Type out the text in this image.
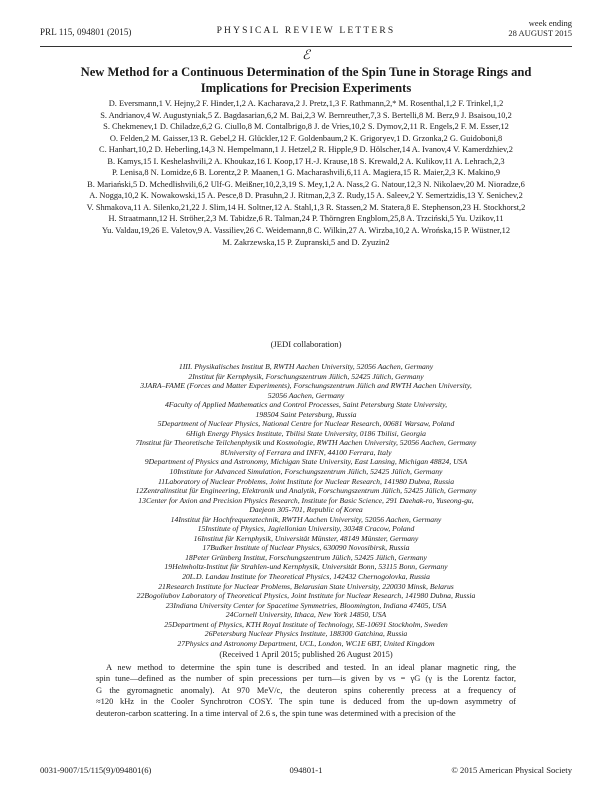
PRL 115, 094801 (2015)	PHYSICAL REVIEW LETTERS
week ending
28 AUGUST 2015
ℰ
New Method for a Continuous Determination of the Spin Tune in Storage Rings and
Implications for Precision Experiments
D. Eversmann,1 V. Hejny,2 F. Hinder,1,2 A. Kacharava,2 J. Pretz,1,3 F. Rathmann,2,* M. Rosenthal,1,2 F. Trinkel,1,2
S. Andrianov,4 W. Augustyniak,5 Z. Bagdasarian,6,2 M. Bai,2,3 W. Bernreuther,7,3 S. Bertelli,8 M. Berz,9 J. Bsaisou,10,2
S. Chekmenev,1 D. Chiladze,6,2 G. Ciullo,8 M. Contalbrigo,8 J. de Vries,10,2 S. Dymov,2,11 R. Engels,2 F. M. Esser,12
O. Felden,2 M. Gaisser,13 R. Gebel,2 H. Glückler,12 F. Goldenbaum,2 K. Grigoryev,1 D. Grzonka,2 G. Guidoboni,8
C. Hanhart,10,2 D. Heberling,14,3 N. Hempelmann,1 J. Hetzel,2 R. Hipple,9 D. Hölscher,14 A. Ivanov,4 V. Kamerdzhiev,2
B. Kamys,15 I. Keshelashvili,2 A. Khoukaz,16 I. Koop,17 H.-J. Krause,18 S. Krewald,2 A. Kulikov,11 A. Lehrach,2,3
P. Lenisa,8 N. Lomidze,6 B. Lorentz,2 P. Maanen,1 G. Macharashvili,6,11 A. Magiera,15 R. Maier,2,3 K. Makino,9
B. Mariański,5 D. Mchedlishvili,6,2 Ulf-G. Meißner,10,2,3,19 S. Mey,1,2 A. Nass,2 G. Natour,12,3 N. Nikolaev,20 M. Nioradze,6
A. Nogga,10,2 K. Nowakowski,15 A. Pesce,8 D. Prasuhn,2 J. Ritman,2,3 Z. Rudy,15 A. Saleev,2 Y. Semertzidis,13 Y. Senichev,2
V. Shmakova,11 A. Silenko,21,22 J. Slim,14 H. Soltner,12 A. Stahl,1,3 R. Stassen,2 M. Statera,8 E. Stephenson,23 H. Stockhorst,2
H. Straatmann,12 H. Ströher,2,3 M. Tabidze,6 R. Talman,24 P. Thörngren Engblom,25,8 A. Trzciński,5 Yu. Uzikov,11
Yu. Valdau,19,26 E. Valetov,9 A. Vassiliev,26 C. Weidemann,8 C. Wilkin,27 A. Wirzba,10,2 A. Wrońska,15 P. Wüstner,12
M. Zakrzewska,15 P. Zupranski,5 and D. Zyuzin2
(JEDI collaboration)
1III. Physikalisches Institut B, RWTH Aachen University, 52056 Aachen, Germany
2Institut für Kernphysik, Forschungszentrum Jülich, 52425 Jülich, Germany
3JARA–FAME (Forces and Matter Experiments), Forschungszentrum Jülich and RWTH Aachen University,
52056 Aachen, Germany
4Faculty of Applied Mathematics and Control Processes, Saint Petersburg State University,
198504 Saint Petersburg, Russia
5Department of Nuclear Physics, National Centre for Nuclear Research, 00681 Warsaw, Poland
6High Energy Physics Institute, Tbilisi State University, 0186 Tbilisi, Georgia
7Institut für Theoretische Teilchenphysik und Kosmologie, RWTH Aachen University, 52056 Aachen, Germany
8University of Ferrara and INFN, 44100 Ferrara, Italy
9Department of Physics and Astronomy, Michigan State University, East Lansing, Michigan 48824, USA
10Institute for Advanced Simulation, Forschungszentrum Jülich, 52425 Jülich, Germany
11Laboratory of Nuclear Problems, Joint Institute for Nuclear Research, 141980 Dubna, Russia
12Zentralinstitut für Engineering, Elektronik und Analytik, Forschungszentrum Jülich, 52425 Jülich, Germany
13Center for Axion and Precision Physics Research, Institute for Basic Science, 291 Daehak-ro, Yuseong-gu,
Daejeon 305-701, Republic of Korea
14Institut für Hochfrequenztechnik, RWTH Aachen University, 52056 Aachen, Germany
15Institute of Physics, Jagiellonian University, 30348 Cracow, Poland
16Institut für Kernphysik, Universität Münster, 48149 Münster, Germany
17Budker Institute of Nuclear Physics, 630090 Novosibirsk, Russia
18Peter Grünberg Institut, Forschungszentrum Jülich, 52425 Jülich, Germany
19Helmholtz-Institut für Strahlen-und Kernphysik, Universität Bonn, 53115 Bonn, Germany
20L.D. Landau Institute for Theoretical Physics, 142432 Chernogolovka, Russia
21Research Institute for Nuclear Problems, Belarusian State University, 220030 Minsk, Belarus
22Bogoliubov Laboratory of Theoretical Physics, Joint Institute for Nuclear Research, 141980 Dubna, Russia
23Indiana University Center for Spacetime Symmetries, Bloomington, Indiana 47405, USA
24Cornell University, Ithaca, New York 14850, USA
25Department of Physics, KTH Royal Institute of Technology, SE-10691 Stockholm, Sweden
26Petersburg Nuclear Physics Institute, 188300 Gatchina, Russia
27Physics and Astronomy Department, UCL, London, WC1E 6BT, United Kingdom
(Received 1 April 2015; published 26 August 2015)
A new method to determine the spin tune is described and tested. In an ideal planar magnetic ring, the
spin tune—defined as the number of spin precessions per turn—is given by νs = γG (γ is the Lorentz factor,
G the gyromagnetic anomaly). At 970 MeV/c, the deuteron spins coherently precess at a frequency of
≈120 kHz in the Cooler Synchrotron COSY. The spin tune is deduced from the up-down asymmetry of
deuteron-carbon scattering. In a time interval of 2.6 s, the spin tune was determined with a precision of the
0031-9007/15/115(9)/094801(6)	094801-1	© 2015 American Physical Society
